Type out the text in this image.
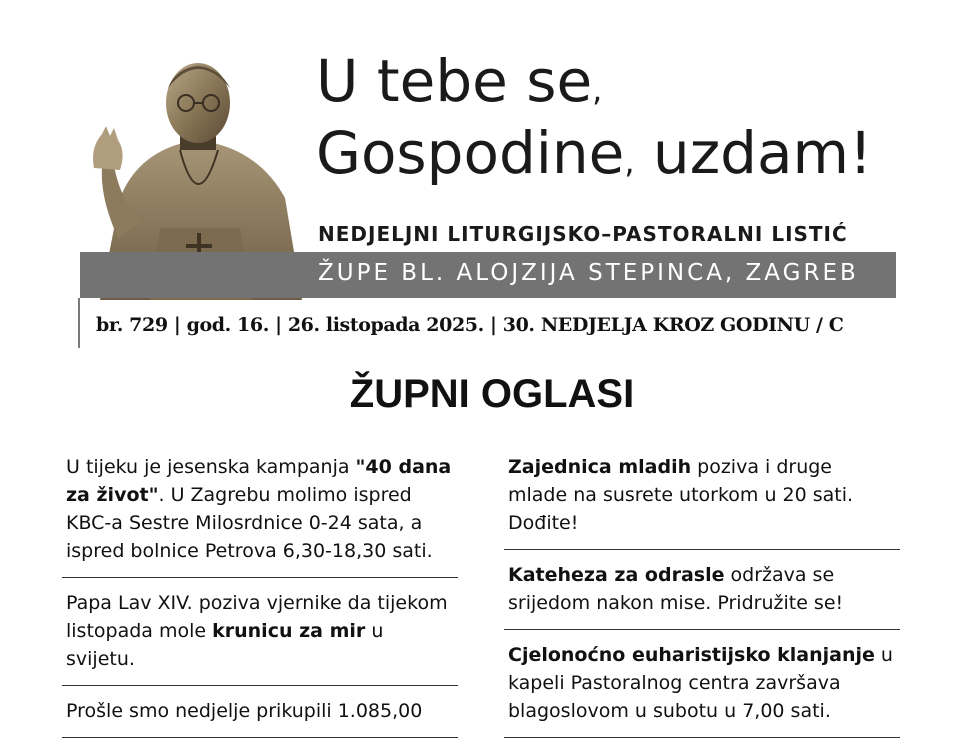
U tebe se,
Gospodine, uzdam!
NEDJELJNI LITURGIJSKO–PASTORALNI LISTIĆ
ŽUPE BL. ALOJZIJA STEPINCA, ZAGREB
br. 729 | god. 16. | 26. listopada 2025. | 30. NEDJELJA KROZ GODINU / C
ŽUPNI OGLASI
U tijeku je jesenska kampanja "40 dana za život". U Zagrebu molimo ispred KBC-a Sestre Milosrdnice 0-24 sata, a ispred bolnice Petrova 6,30-18,30 sati.
Papa Lav XIV. poziva vjernike da tijekom listopada mole krunicu za mir u svijetu.
Prošle smo nedjelje prikupili 1.085,00
Zajednica mladih poziva i druge mlade na susrete utorkom u 20 sati. Dođite!
Kateheza za odrasle održava se srijedom nakon mise. Pridružite se!
Cjelonoćno euharistijsko klanjanje u kapeli Pastoralnog centra završava blagoslovom u subotu u 7,00 sati.
